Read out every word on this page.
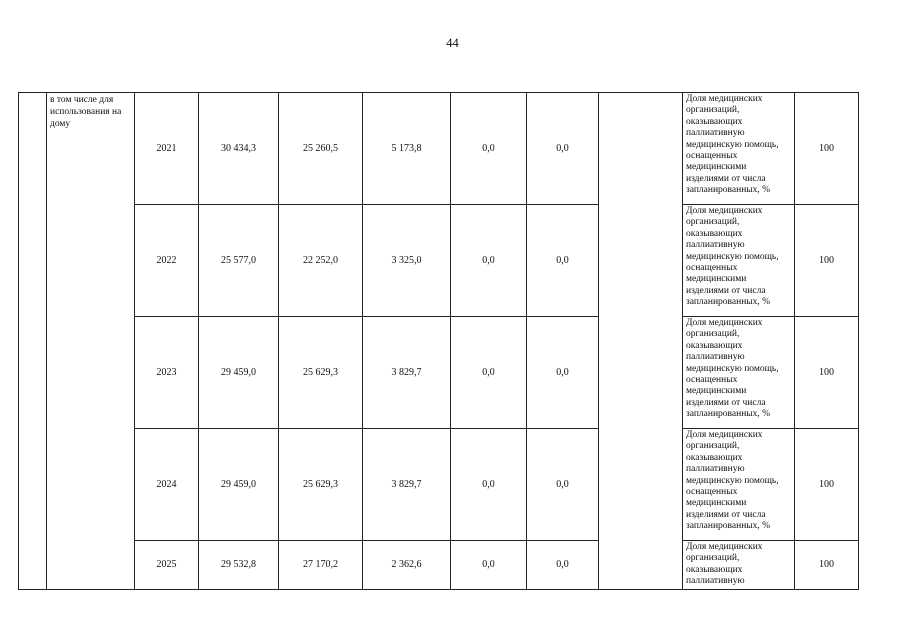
44
	в том числе для использования на дому	2021	30 434,3	25 260,5	5 173,8	0,0	0,0		Доля медицинских организаций, оказывающих паллиативную медицинскую помощь, оснащенных медицинскими изделиями от числа запланированных, %	100
		2022	25 577,0	22 252,0	3 325,0	0,0	0,0		Доля медицинских организаций, оказывающих паллиативную медицинскую помощь, оснащенных медицинскими изделиями от числа запланированных, %	100
		2023	29 459,0	25 629,3	3 829,7	0,0	0,0		Доля медицинских организаций, оказывающих паллиативную медицинскую помощь, оснащенных медицинскими изделиями от числа запланированных, %	100
		2024	29 459,0	25 629,3	3 829,7	0,0	0,0		Доля медицинских организаций, оказывающих паллиативную медицинскую помощь, оснащенных медицинскими изделиями от числа запланированных, %	100
		2025	29 532,8	27 170,2	2 362,6	0,0	0,0		Доля медицинских организаций, оказывающих паллиативную	100
